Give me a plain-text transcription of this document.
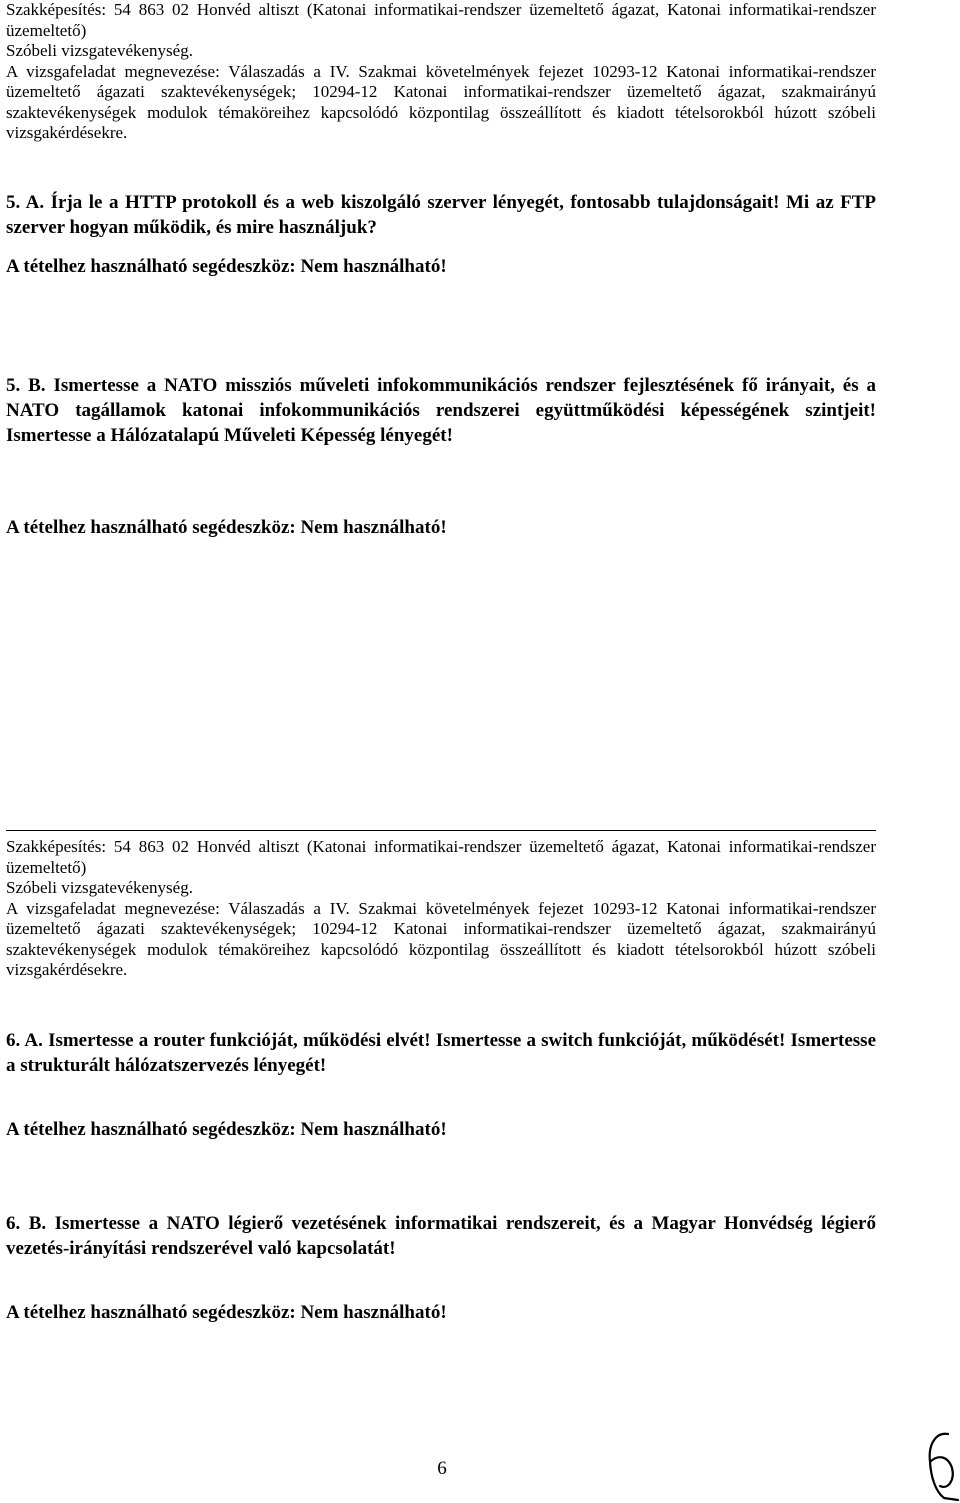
Szakképesítés: 54 863 02 Honvéd altiszt (Katonai informatikai-rendszer üzemeltető ágazat, Katonai informatikai-rendszer üzemeltető)

Szóbeli vizsgatevékenység.

A vizsgafeladat megnevezése: Válaszadás a IV. Szakmai követelmények fejezet 10293-12 Katonai informatikai-rendszer üzemeltető ágazati szaktevékenységek; 10294-12 Katonai informatikai-rendszer üzemeltető ágazat, szakmairányú szaktevékenységek modulok témaköreihez kapcsolódó központilag összeállított és kiadott tételsorokból húzott szóbeli vizsgakérdésekre.

5. A. Írja le a HTTP protokoll és a web kiszolgáló szerver lényegét, fontosabb tulajdonságait! Mi az FTP szerver hogyan működik, és mire használjuk?

A tételhez használható segédeszköz: Nem használható!

5. B. Ismertesse a NATO missziós műveleti infokommunikációs rendszer fejlesztésének fő irányait, és a NATO tagállamok katonai infokommunikációs rendszerei együttműködési képességének szintjeit! Ismertesse a Hálózatalapú Műveleti Képesség lényegét!

A tételhez használható segédeszköz: Nem használható!

Szakképesítés: 54 863 02 Honvéd altiszt (Katonai informatikai-rendszer üzemeltető ágazat, Katonai informatikai-rendszer üzemeltető)

Szóbeli vizsgatevékenység.

A vizsgafeladat megnevezése: Válaszadás a IV. Szakmai követelmények fejezet 10293-12 Katonai informatikai-rendszer üzemeltető ágazati szaktevékenységek; 10294-12 Katonai informatikai-rendszer üzemeltető ágazat, szakmairányú szaktevékenységek modulok témaköreihez kapcsolódó központilag összeállított és kiadott tételsorokból húzott szóbeli vizsgakérdésekre.

6. A. Ismertesse a router funkcióját, működési elvét! Ismertesse a switch funkcióját, működését! Ismertesse a strukturált hálózatszervezés lényegét!

A tételhez használható segédeszköz: Nem használható!

6. B. Ismertesse a NATO légierő vezetésének informatikai rendszereit, és a Magyar Honvédség légierő vezetés-irányítási rendszerével való kapcsolatát!

A tételhez használható segédeszköz: Nem használható!

6
